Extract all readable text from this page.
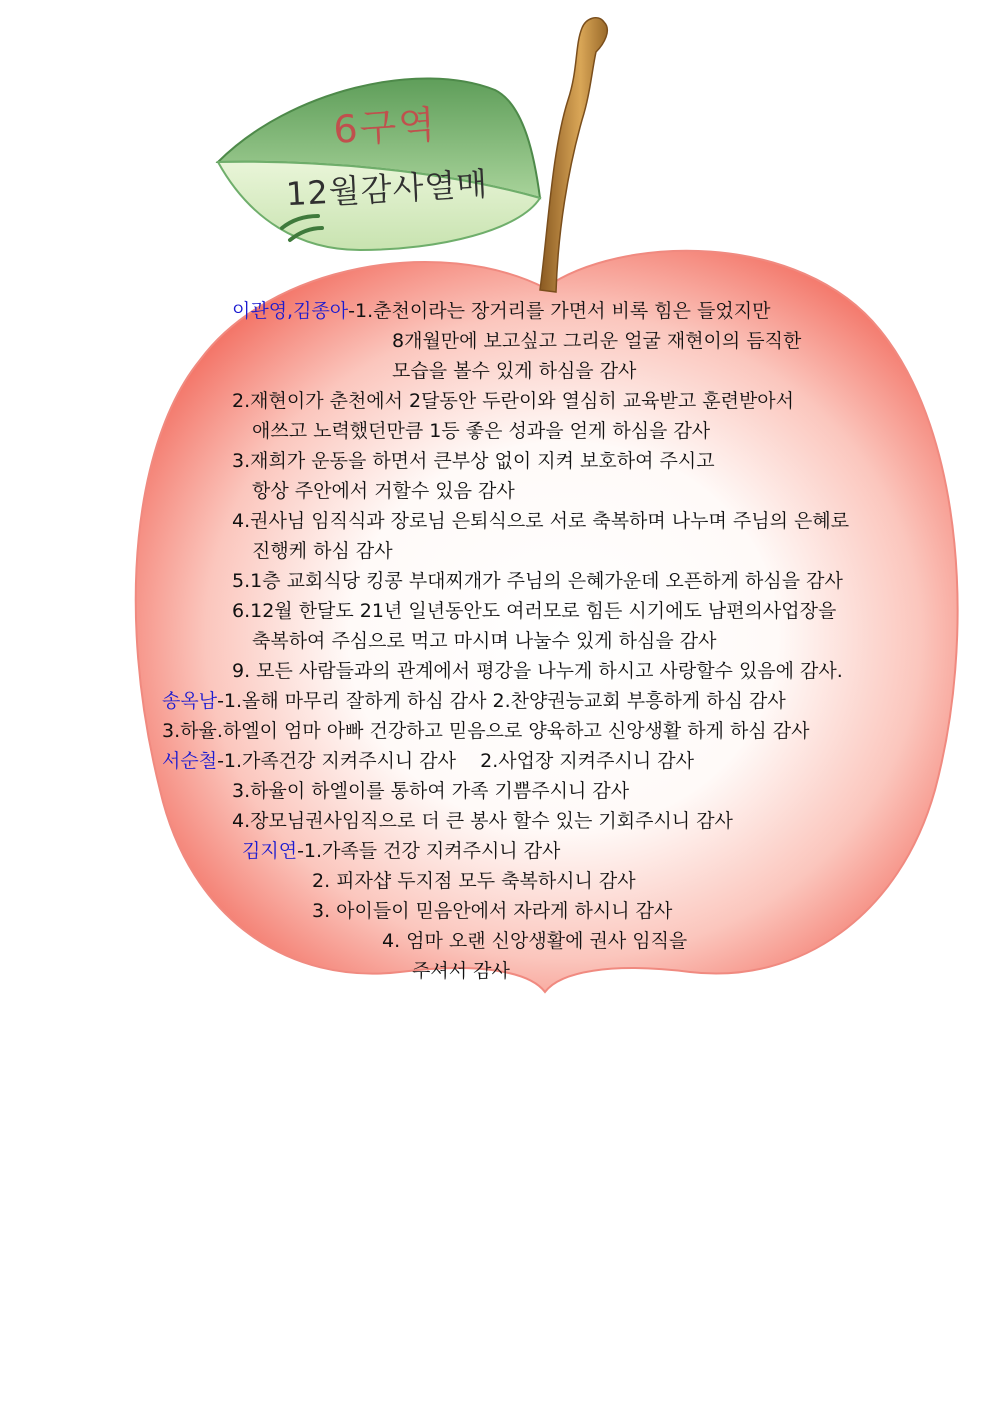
6구역
12월감사열매
이관영,김종아-1.춘천이라는 장거리를 가면서 비록 힘은 들었지만
8개월만에 보고싶고 그리운 얼굴 재현이의 듬직한
모습을 볼수 있게 하심을 감사
2.재현이가 춘천에서 2달동안 두란이와 열심히 교육받고 훈련받아서
애쓰고 노력했던만큼 1등 좋은 성과을 얻게 하심을 감사
3.재희가 운동을 하면서 큰부상 없이 지켜 보호하여 주시고
항상 주안에서 거할수 있음 감사
4.권사님 임직식과 장로님 은퇴식으로 서로 축복하며 나누며 주님의 은혜로
진행케 하심 감사
5.1층 교회식당 킹콩 부대찌개가 주님의 은혜가운데 오픈하게 하심을 감사
6.12월 한달도 21년 일년동안도 여러모로 힘든 시기에도 남편의사업장을
축복하여 주심으로 먹고 마시며 나눌수 있게 하심을 감사
9. 모든 사람들과의 관계에서 평강을 나누게 하시고 사랑할수 있음에 감사.
송옥남-1.올해 마무리 잘하게 하심 감사 2.찬양권능교회 부흥하게 하심 감사
3.하율.하엘이 엄마 아빠 건강하고 믿음으로 양육하고 신앙생활 하게 하심 감사
서순철-1.가족건강 지켜주시니 감사    2.사업장 지켜주시니 감사
3.하율이 하엘이를 통하여 가족 기쁨주시니 감사
4.장모님권사임직으로 더 큰 봉사 할수 있는 기회주시니 감사
김지연-1.가족들 건강 지켜주시니 감사
2. 피자샵 두지점 모두 축복하시니 감사
3. 아이들이 믿음안에서 자라게 하시니 감사
4. 엄마 오랜 신앙생활에 권사 임직을
주셔서 감사
